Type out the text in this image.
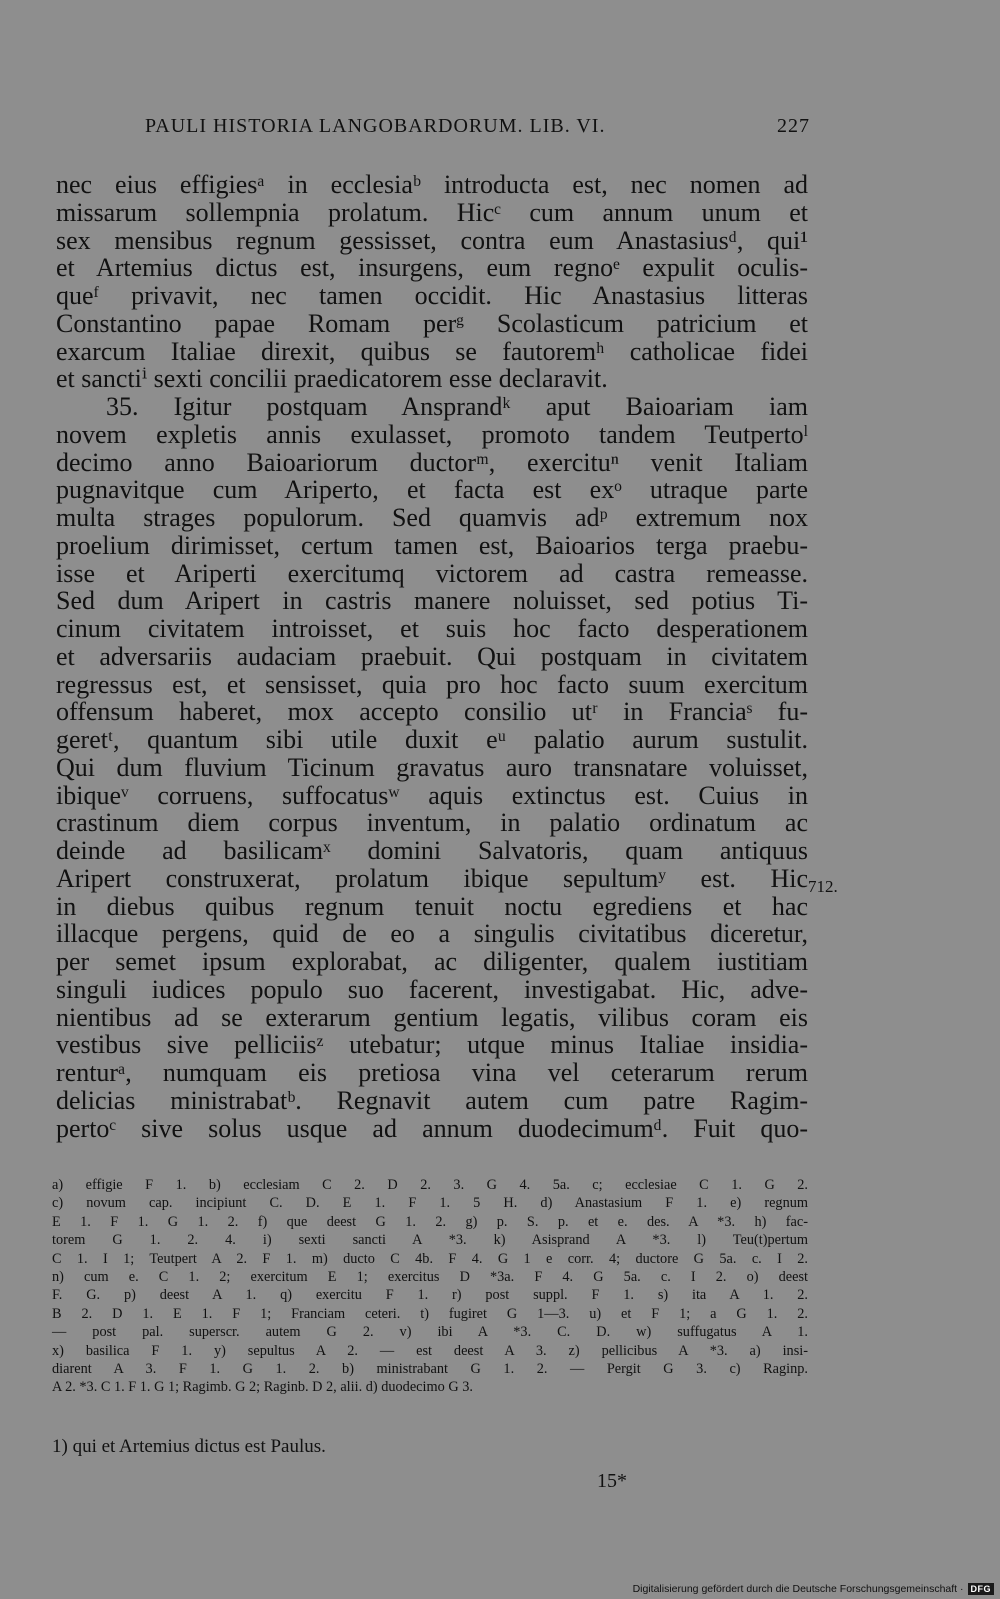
PAULI HISTORIA LANGOBARDORUM. LIB. VI.	227
nec eius effigiesᵃ in ecclesiaᵇ introducta est, nec nomen ad
missarum sollempnia prolatum. Hicᶜ cum annum unum et
sex mensibus regnum gessisset, contra eum Anastasiusᵈ, qui¹
et Artemius dictus est, insurgens, eum regnoᵉ expulit oculis-
queᶠ privavit, nec tamen occidit. Hic Anastasius litteras
Constantino papae Romam perᵍ Scolasticum patricium et
exarcum Italiae direxit, quibus se fautoremʰ catholicae fidei
et sanctiⁱ sexti concilii praedicatorem esse declaravit.
35. Igitur postquam Ansprandᵏ aput Baioariam iam
novem expletis annis exulasset, promoto tandem Teutpertoˡ
decimo anno Baioariorum ductorᵐ, exercituⁿ venit Italiam
pugnavitque cum Ariperto, et facta est exᵒ utraque parte
multa strages populorum. Sed quamvis adᵖ extremum nox
proelium dirimisset, certum tamen est, Baioarios terga praebu-
isse et Ariperti exercitumq victorem ad castra remeasse.
Sed dum Aripert in castris manere noluisset, sed potius Ti-
cinum civitatem introisset, et suis hoc facto desperationem
et adversariis audaciam praebuit. Qui postquam in civitatem
regressus est, et sensisset, quia pro hoc facto suum exercitum
offensum haberet, mox accepto consilio utʳ in Franciaˢ fu-
geretᵗ, quantum sibi utile duxit eᵘ palatio aurum sustulit.
Qui dum fluvium Ticinum gravatus auro transnatare voluisset,
ibiqueᵛ corruens, suffocatusʷ aquis extinctus est. Cuius in
crastinum diem corpus inventum, in palatio ordinatum ac
deinde ad basilicamˣ domini Salvatoris, quam antiquus
Aripert construxerat, prolatum ibique sepultumʸ est. Hic
in diebus quibus regnum tenuit noctu egrediens et hac
illacque pergens, quid de eo a singulis civitatibus diceretur,
per semet ipsum explorabat, ac diligenter, qualem iustitiam
singuli iudices populo suo facerent, investigabat. Hic, adve-
nientibus ad se exterarum gentium legatis, vilibus coram eis
vestibus sive pelliciisᶻ utebatur; utque minus Italiae insidia-
renturᵃ, numquam eis pretiosa vina vel ceterarum rerum
delicias ministrabatᵇ. Regnavit autem cum patre Ragim-
pertoᶜ sive solus usque ad annum duodecimumᵈ. Fuit quo-
712.
a) effigie F 1. b) ecclesiam C 2. D 2. 3. G 4. 5a. c; ecclesiae C 1. G 2.
c) novum cap. incipiunt C. D. E 1. F 1. 5 H. d) Anastasium F 1. e) regnum
E 1. F 1. G 1. 2. f) que deest G 1. 2. g) p. S. p. et e. des. A *3. h) fac-
torem G 1. 2. 4. i) sexti sancti A *3. k) Asisprand A *3. l) Teu(t)pertum
C 1. I 1; Teutpert A 2. F 1. m) ducto C 4b. F 4. G 1 e corr. 4; ductore G 5a. c. I 2.
n) cum e. C 1. 2; exercitum E 1; exercitus D *3a. F 4. G 5a. c. I 2. o) deest
F. G. p) deest A 1. q) exercitu F 1. r) post suppl. F 1. s) ita A 1. 2.
B 2. D 1. E 1. F 1; Franciam ceteri. t) fugiret G 1—3. u) et F 1; a G 1. 2.
— post pal. superscr. autem G 2. v) ibi A *3. C. D. w) suffugatus A 1.
x) basilica F 1. y) sepultus A 2. — est deest A 3. z) pellicibus A *3. a) insi-
diarent A 3. F 1. G 1. 2. b) ministrabant G 1. 2. — Pergit G 3. c) Raginp.
A 2. *3. C 1. F 1. G 1; Ragimb. G 2; Raginb. D 2, alii. d) duodecimo G 3.
1) qui et Artemius dictus est Paulus.
15*
Digitalisierung gefördert durch die Deutsche Forschungsgemeinschaft · DFG
